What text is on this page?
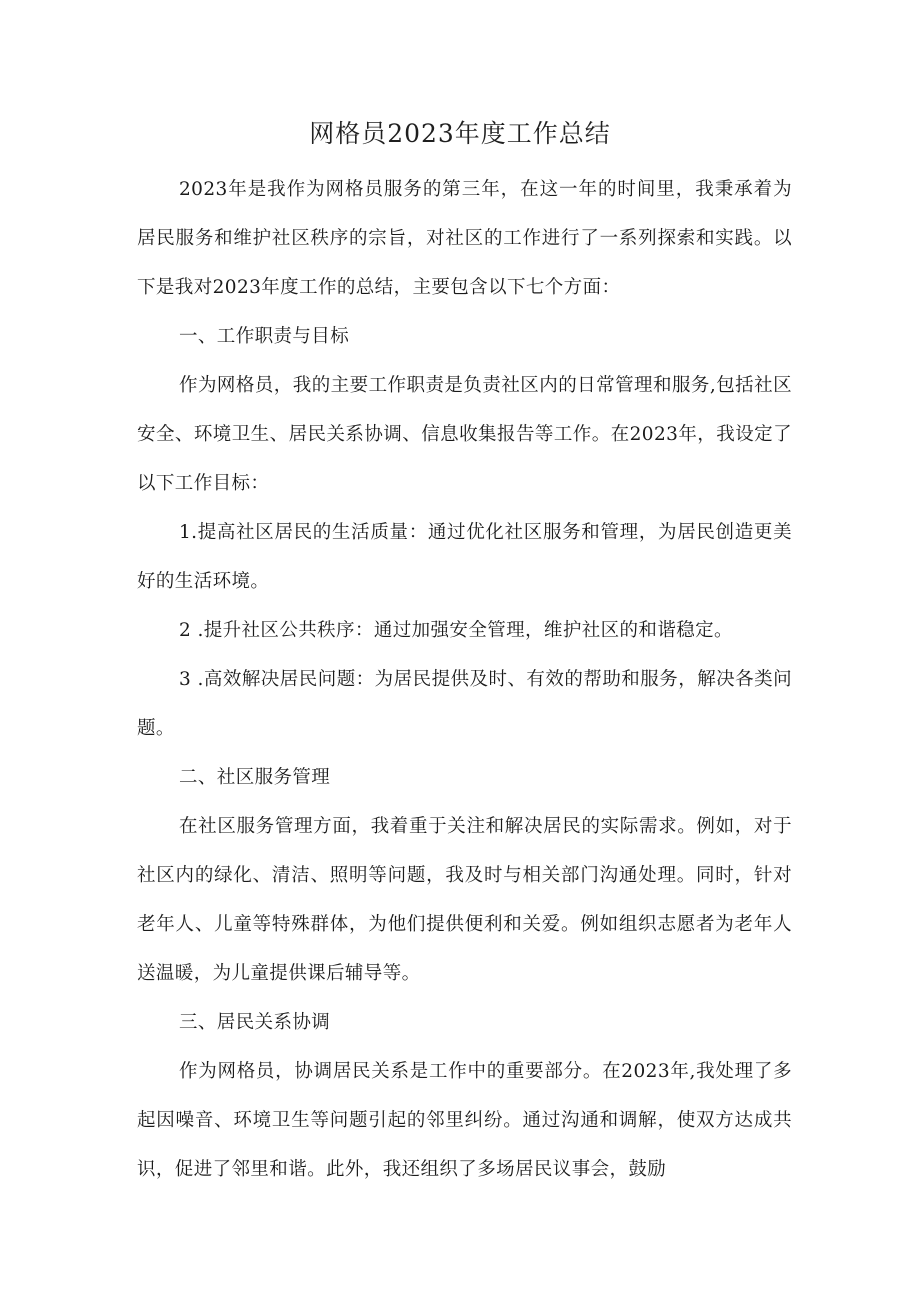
网格员2023年度工作总结

2023年是我作为网格员服务的第三年，在这一年的时间里，我秉承着为居民服务和维护社区秩序的宗旨，对社区的工作进行了一系列探索和实践。以下是我对2023年度工作的总结，主要包含以下七个方面：

一、工作职责与目标

作为网格员，我的主要工作职责是负责社区内的日常管理和服务,包括社区安全、环境卫生、居民关系协调、信息收集报告等工作。在2023年，我设定了以下工作目标：

1.提高社区居民的生活质量：通过优化社区服务和管理，为居民创造更美好的生活环境。

2 .提升社区公共秩序：通过加强安全管理，维护社区的和谐稳定。

3 .高效解决居民问题：为居民提供及时、有效的帮助和服务，解决各类问题。

二、社区服务管理

在社区服务管理方面，我着重于关注和解决居民的实际需求。例如，对于社区内的绿化、清洁、照明等问题，我及时与相关部门沟通处理。同时，针对老年人、儿童等特殊群体，为他们提供便利和关爱。例如组织志愿者为老年人送温暖，为儿童提供课后辅导等。

三、居民关系协调

作为网格员，协调居民关系是工作中的重要部分。在2023年,我处理了多起因噪音、环境卫生等问题引起的邻里纠纷。通过沟通和调解，使双方达成共识，促进了邻里和谐。此外，我还组织了多场居民议事会，鼓励
